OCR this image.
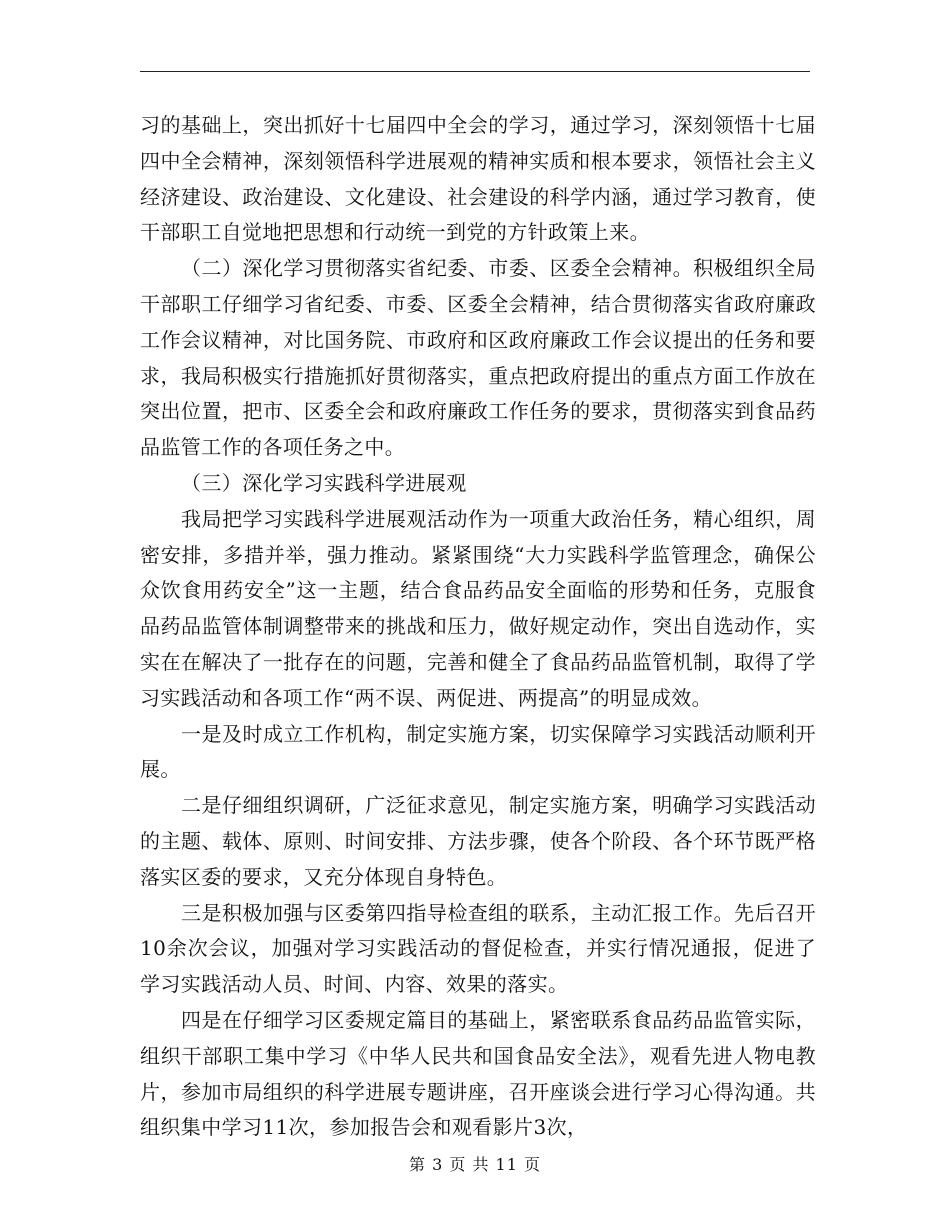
习的基础上，突出抓好十七届四中全会的学习，通过学习，深刻领悟十七届四中全会精神，深刻领悟科学进展观的精神实质和根本要求，领悟社会主义经济建设、政治建设、文化建设、社会建设的科学内涵，通过学习教育，使干部职工自觉地把思想和行动统一到党的方针政策上来。

（二）深化学习贯彻落实省纪委、市委、区委全会精神。积极组织全局干部职工仔细学习省纪委、市委、区委全会精神，结合贯彻落实省政府廉政工作会议精神，对比国务院、市政府和区政府廉政工作会议提出的任务和要求，我局积极实行措施抓好贯彻落实，重点把政府提出的重点方面工作放在突出位置，把市、区委全会和政府廉政工作任务的要求，贯彻落实到食品药品监管工作的各项任务之中。

（三）深化学习实践科学进展观

我局把学习实践科学进展观活动作为一项重大政治任务，精心组织，周密安排，多措并举，强力推动。紧紧围绕“大力实践科学监管理念，确保公众饮食用药安全”这一主题，结合食品药品安全面临的形势和任务，克服食品药品监管体制调整带来的挑战和压力，做好规定动作，突出自选动作，实实在在解决了一批存在的问题，完善和健全了食品药品监管机制，取得了学习实践活动和各项工作“两不误、两促进、两提高”的明显成效。

一是及时成立工作机构，制定实施方案，切实保障学习实践活动顺利开展。

二是仔细组织调研，广泛征求意见，制定实施方案，明确学习实践活动的主题、载体、原则、时间安排、方法步骤，使各个阶段、各个环节既严格落实区委的要求，又充分体现自身特色。

三是积极加强与区委第四指导检查组的联系，主动汇报工作。先后召开10余次会议，加强对学习实践活动的督促检查，并实行情况通报，促进了学习实践活动人员、时间、内容、效果的落实。

四是在仔细学习区委规定篇目的基础上，紧密联系食品药品监管实际，组织干部职工集中学习《中华人民共和国食品安全法》，观看先进人物电教片，参加市局组织的科学进展专题讲座，召开座谈会进行学习心得沟通。共组织集中学习11次，参加报告会和观看影片3次，

第 3 页 共 11 页
